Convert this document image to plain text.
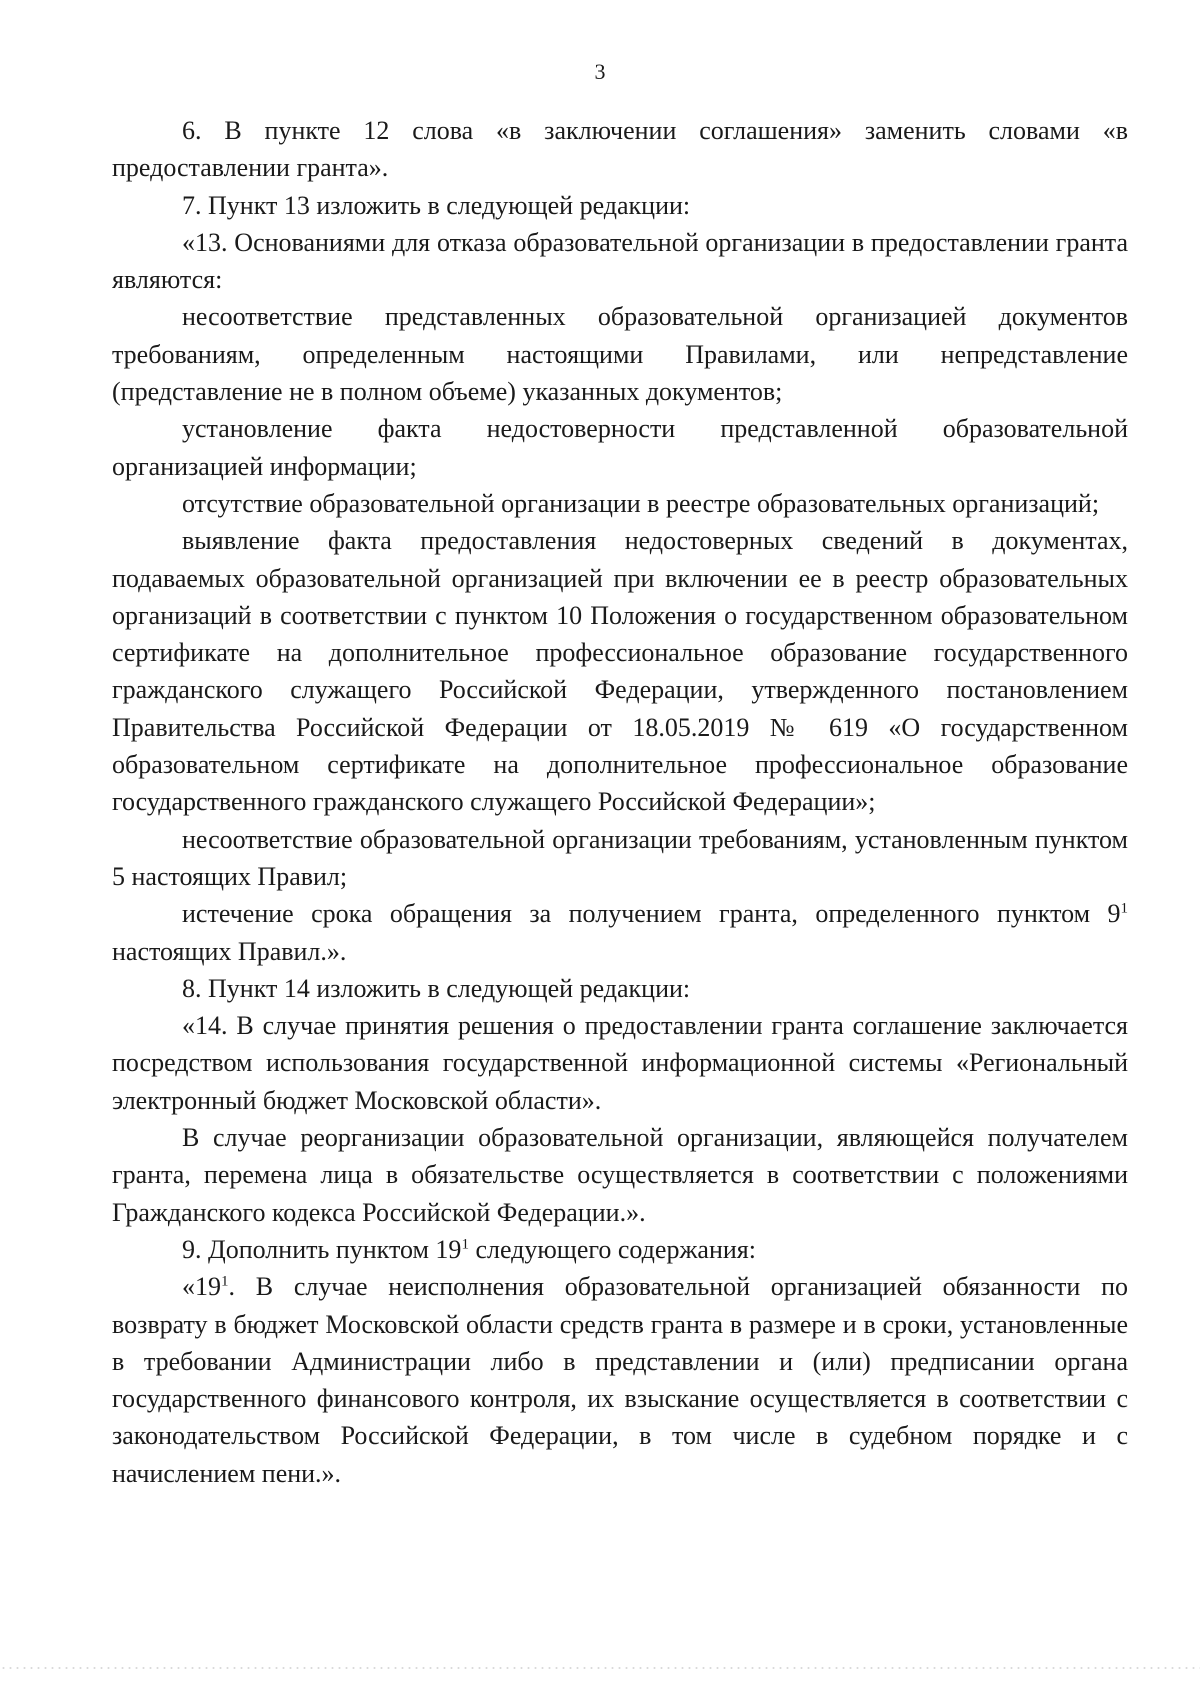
3

6. В пункте 12 слова «в заключении соглашения» заменить словами «в предоставлении гранта».

7. Пункт 13 изложить в следующей редакции:

«13. Основаниями для отказа образовательной организации в предоставлении гранта являются:

несоответствие представленных образовательной организацией документов требованиям, определенным настоящими Правилами, или непредставление (представление не в полном объеме) указанных документов;

установление факта недостоверности представленной образовательной организацией информации;

отсутствие образовательной организации в реестре образовательных организаций;

выявление факта предоставления недостоверных сведений в документах, подаваемых образовательной организацией при включении ее в реестр образовательных организаций в соответствии с пунктом 10 Положения о государственном образовательном сертификате на дополнительное профессиональное образование государственного гражданского служащего Российской Федерации, утвержденного постановлением Правительства Российской Федерации от 18.05.2019 № 619 «О государственном образовательном сертификате на дополнительное профессиональное образование государственного гражданского служащего Российской Федерации»;

несоответствие образовательной организации требованиям, установленным пунктом 5 настоящих Правил;

истечение срока обращения за получением гранта, определенного пунктом $9^1$ настоящих Правил.».

8. Пункт 14 изложить в следующей редакции:

«14. В случае принятия решения о предоставлении гранта соглашение заключается посредством использования государственной информационной системы «Региональный электронный бюджет Московской области».

В случае реорганизации образовательной организации, являющейся получателем гранта, перемена лица в обязательстве осуществляется в соответствии с положениями Гражданского кодекса Российской Федерации.».

9. Дополнить пунктом $19^1$ следующего содержания:

«$19^1$. В случае неисполнения образовательной организацией обязанности по возврату в бюджет Московской области средств гранта в размере и в сроки, установленные в требовании Администрации либо в представлении и (или) предписании органа государственного финансового контроля, их взыскание осуществляется в соответствии с законодательством Российской Федерации, в том числе в судебном порядке и с начислением пени.».
